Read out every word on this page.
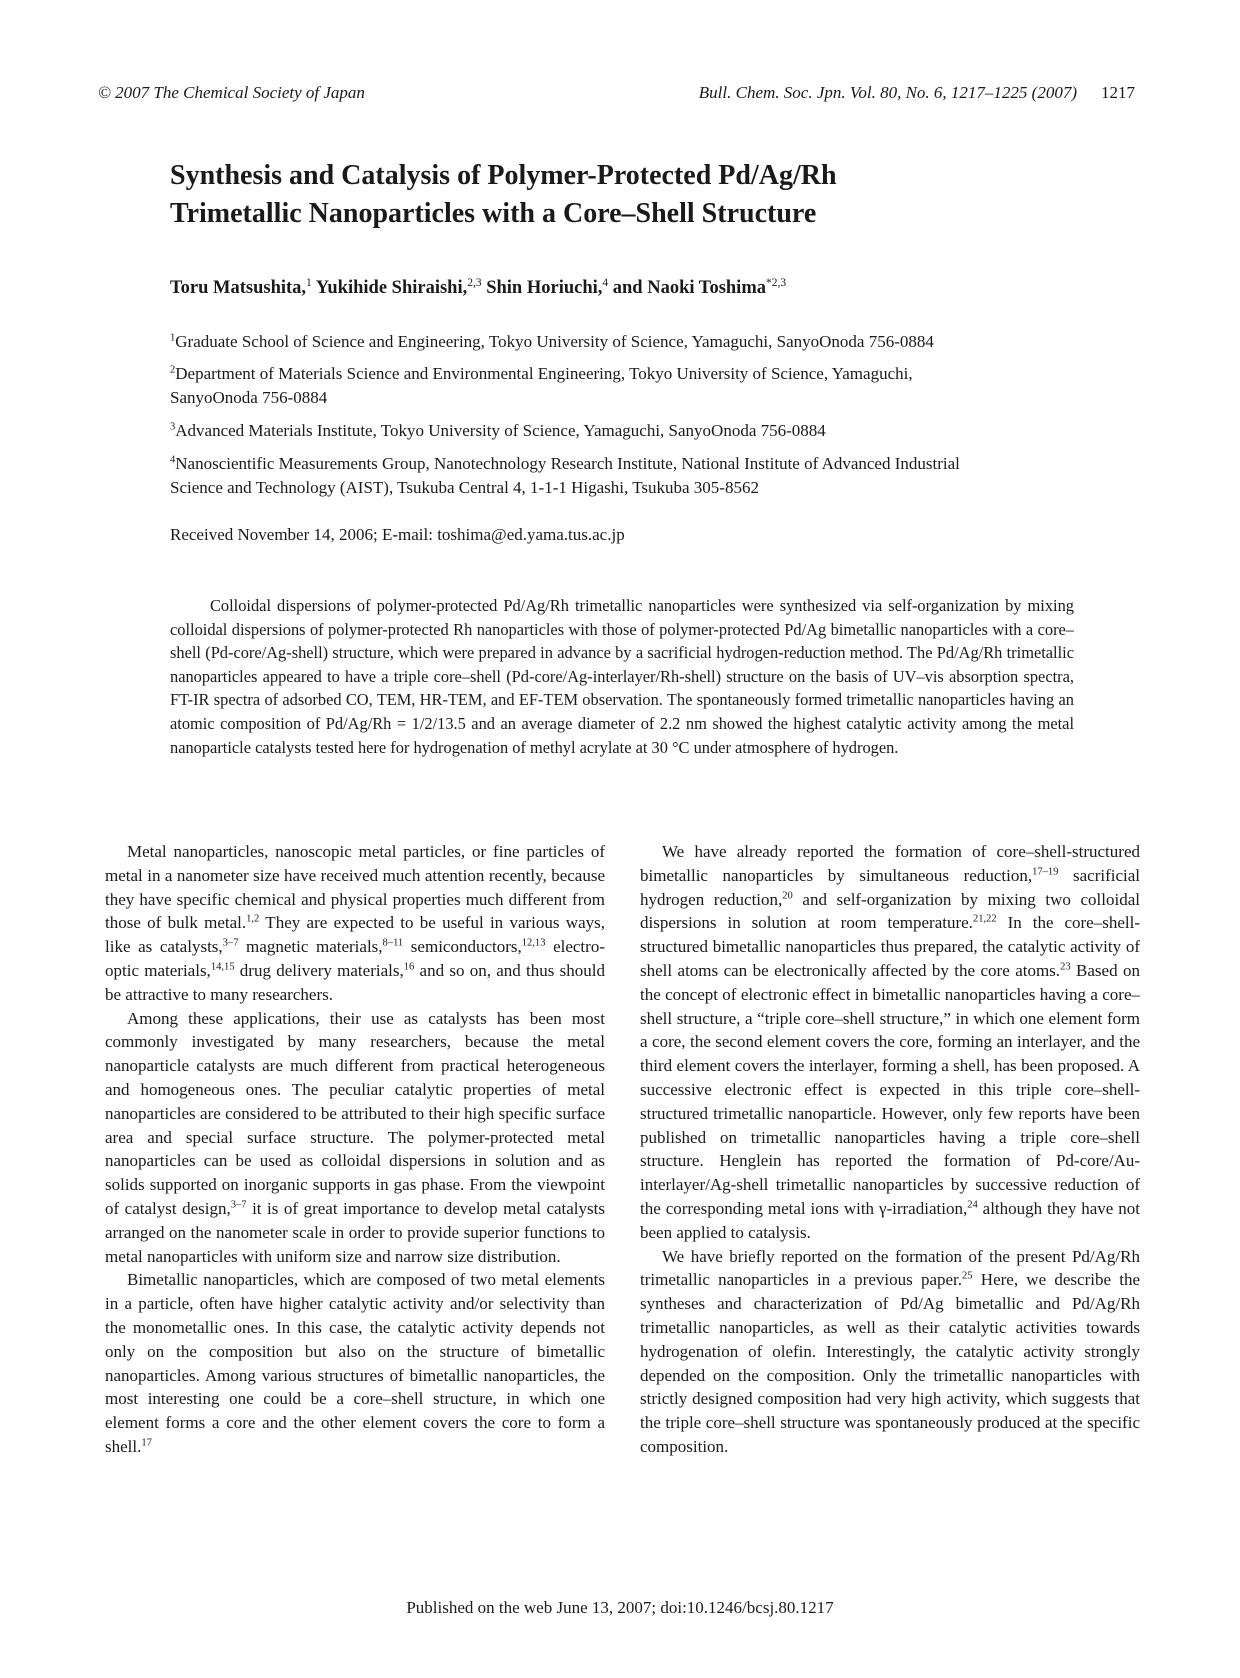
© 2007 The Chemical Society of Japan	Bull. Chem. Soc. Jpn. Vol. 80, No. 6, 1217–1225 (2007) 1217
Synthesis and Catalysis of Polymer-Protected Pd/Ag/Rh
Trimetallic Nanoparticles with a Core–Shell Structure
Toru Matsushita,$^1$ Yukihide Shiraishi,$^{2,3}$ Shin Horiuchi,$^4$ and Naoki Toshima$^{*2,3}$
$^1$Graduate School of Science and Engineering, Tokyo University of Science, Yamaguchi, SanyoOnoda 756-0884
$^2$Department of Materials Science and Environmental Engineering, Tokyo University of Science, Yamaguchi, SanyoOnoda 756-0884
$^3$Advanced Materials Institute, Tokyo University of Science, Yamaguchi, SanyoOnoda 756-0884
$^4$Nanoscientific Measurements Group, Nanotechnology Research Institute, National Institute of Advanced Industrial Science and Technology (AIST), Tsukuba Central 4, 1-1-1 Higashi, Tsukuba 305-8562
Received November 14, 2006; E-mail: toshima@ed.yama.tus.ac.jp
Colloidal dispersions of polymer-protected Pd/Ag/Rh trimetallic nanoparticles were synthesized via self-organization by mixing colloidal dispersions of polymer-protected Rh nanoparticles with those of polymer-protected Pd/Ag bimetallic nanoparticles with a core–shell (Pd-core/Ag-shell) structure, which were prepared in advance by a sacrificial hydrogen-reduction method. The Pd/Ag/Rh trimetallic nanoparticles appeared to have a triple core–shell (Pd-core/Ag-interlayer/Rh-shell) structure on the basis of UV–vis absorption spectra, FT-IR spectra of adsorbed CO, TEM, HR-TEM, and EF-TEM observation. The spontaneously formed trimetallic nanoparticles having an atomic composition of Pd/Ag/Rh = 1/2/13.5 and an average diameter of 2.2 nm showed the highest catalytic activity among the metal nanoparticle catalysts tested here for hydrogenation of methyl acrylate at 30 °C under atmosphere of hydrogen.

Metal nanoparticles, nanoscopic metal particles, or fine particles of metal in a nanometer size have received much attention recently, because they have specific chemical and physical properties much different from those of bulk metal.$^{1,2}$ They are expected to be useful in various ways, like as catalysts,$^{3-7}$ magnetic materials,$^{8-11}$ semiconductors,$^{12,13}$ electro-optic materials,$^{14,15}$ drug delivery materials,$^{16}$ and so on, and thus should be attractive to many researchers.

Among these applications, their use as catalysts has been most commonly investigated by many researchers, because the metal nanoparticle catalysts are much different from practical heterogeneous and homogeneous ones. The peculiar catalytic properties of metal nanoparticles are considered to be attributed to their high specific surface area and special surface structure. The polymer-protected metal nanoparticles can be used as colloidal dispersions in solution and as solids supported on inorganic supports in gas phase. From the viewpoint of catalyst design,$^{3-7}$ it is of great importance to develop metal catalysts arranged on the nanometer scale in order to provide superior functions to metal nanoparticles with uniform size and narrow size distribution.

Bimetallic nanoparticles, which are composed of two metal elements in a particle, often have higher catalytic activity and/or selectivity than the monometallic ones. In this case, the catalytic activity depends not only on the composition but also on the structure of bimetallic nanoparticles. Among various structures of bimetallic nanoparticles, the most interesting one could be a core–shell structure, in which one element forms a core and the other element covers the core to form a shell.$^{17}$

We have already reported the formation of core–shell-structured bimetallic nanoparticles by simultaneous reduction,$^{17-19}$ sacrificial hydrogen reduction,$^{20}$ and self-organization by mixing two colloidal dispersions in solution at room temperature.$^{21,22}$ In the core–shell-structured bimetallic nanoparticles thus prepared, the catalytic activity of shell atoms can be electronically affected by the core atoms.$^{23}$ Based on the concept of electronic effect in bimetallic nanoparticles having a core–shell structure, a “triple core–shell structure,” in which one element form a core, the second element covers the core, forming an interlayer, and the third element covers the interlayer, forming a shell, has been proposed. A successive electronic effect is expected in this triple core–shell-structured trimetallic nanoparticle. However, only few reports have been published on trimetallic nanoparticles having a triple core–shell structure. Henglein has reported the formation of Pd-core/Au-interlayer/Ag-shell trimetallic nanoparticles by successive reduction of the corresponding metal ions with γ-irradiation,$^{24}$ although they have not been applied to catalysis.

We have briefly reported on the formation of the present Pd/Ag/Rh trimetallic nanoparticles in a previous paper.$^{25}$ Here, we describe the syntheses and characterization of Pd/Ag bimetallic and Pd/Ag/Rh trimetallic nanoparticles, as well as their catalytic activities towards hydrogenation of olefin. Interestingly, the catalytic activity strongly depended on the composition. Only the trimetallic nanoparticles with strictly designed composition had very high activity, which suggests that the triple core–shell structure was spontaneously produced at the specific composition.

Published on the web June 13, 2007; doi:10.1246/bcsj.80.1217
